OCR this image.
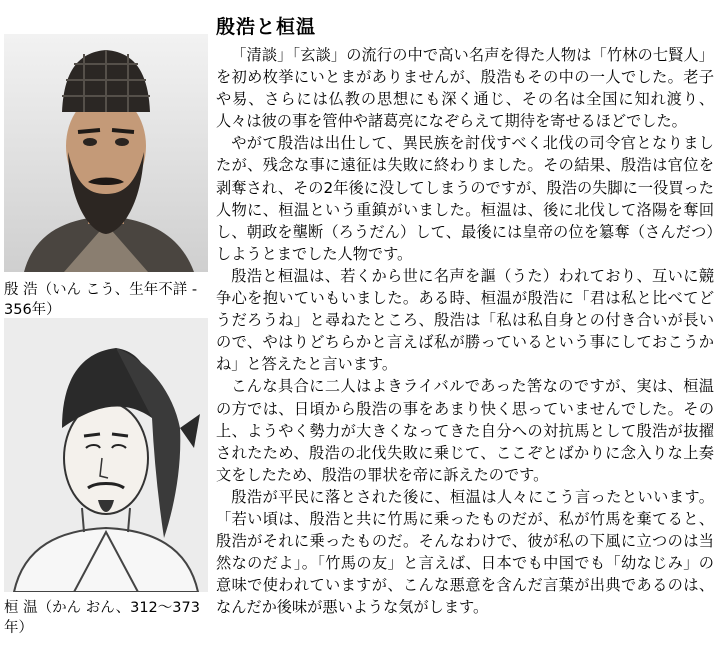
殷 浩（いん こう、生年不詳 - 356年）
桓 温（かん おん、312～373年）
殷浩と桓温

「清談」「玄談」の流行の中で高い名声を得た人物は「竹林の七賢人」を初め枚挙にいとまがありませんが、殷浩もその中の一人でした。老子や易、さらには仏教の思想にも深く通じ、その名は全国に知れ渡り、人々は彼の事を管仲や諸葛亮になぞらえて期待を寄せるほどでした。

やがて殷浩は出仕して、異民族を討伐すべく北伐の司令官となりましたが、残念な事に遠征は失敗に終わりました。その結果、殷浩は官位を剥奪され、その2年後に没してしまうのですが、殷浩の失脚に一役買った人物に、桓温という重鎮がいました。桓温は、後に北伐して洛陽を奪回し、朝政を壟断（ろうだん）して、最後には皇帝の位を簒奪（さんだつ）しようとまでした人物です。

殷浩と桓温は、若くから世に名声を謳（うた）われており、互いに競争心を抱いていもいました。ある時、桓温が殷浩に「君は私と比べてどうだろうね」と尋ねたところ、殷浩は「私は私自身との付き合いが長いので、やはりどちらかと言えば私が勝っているという事にしておこうかね」と答えたと言います。

こんな具合に二人はよきライバルであった筈なのですが、実は、桓温の方では、日頃から殷浩の事をあまり快く思っていませんでした。その上、ようやく勢力が大きくなってきた自分への対抗馬として殷浩が抜擢されたため、殷浩の北伐失敗に乗じて、ここぞとばかりに念入りな上奏文をしたため、殷浩の罪状を帝に訴えたのです。

殷浩が平民に落とされた後に、桓温は人々にこう言ったといいます。「若い頃は、殷浩と共に竹馬に乗ったものだが、私が竹馬を棄てると、殷浩がそれに乗ったものだ。そんなわけで、彼が私の下風に立つのは当然なのだよ」。「竹馬の友」と言えば、日本でも中国でも「幼なじみ」の意味で使われていますが、こんな悪意を含んだ言葉が出典であるのは、なんだか後味が悪いような気がします。
